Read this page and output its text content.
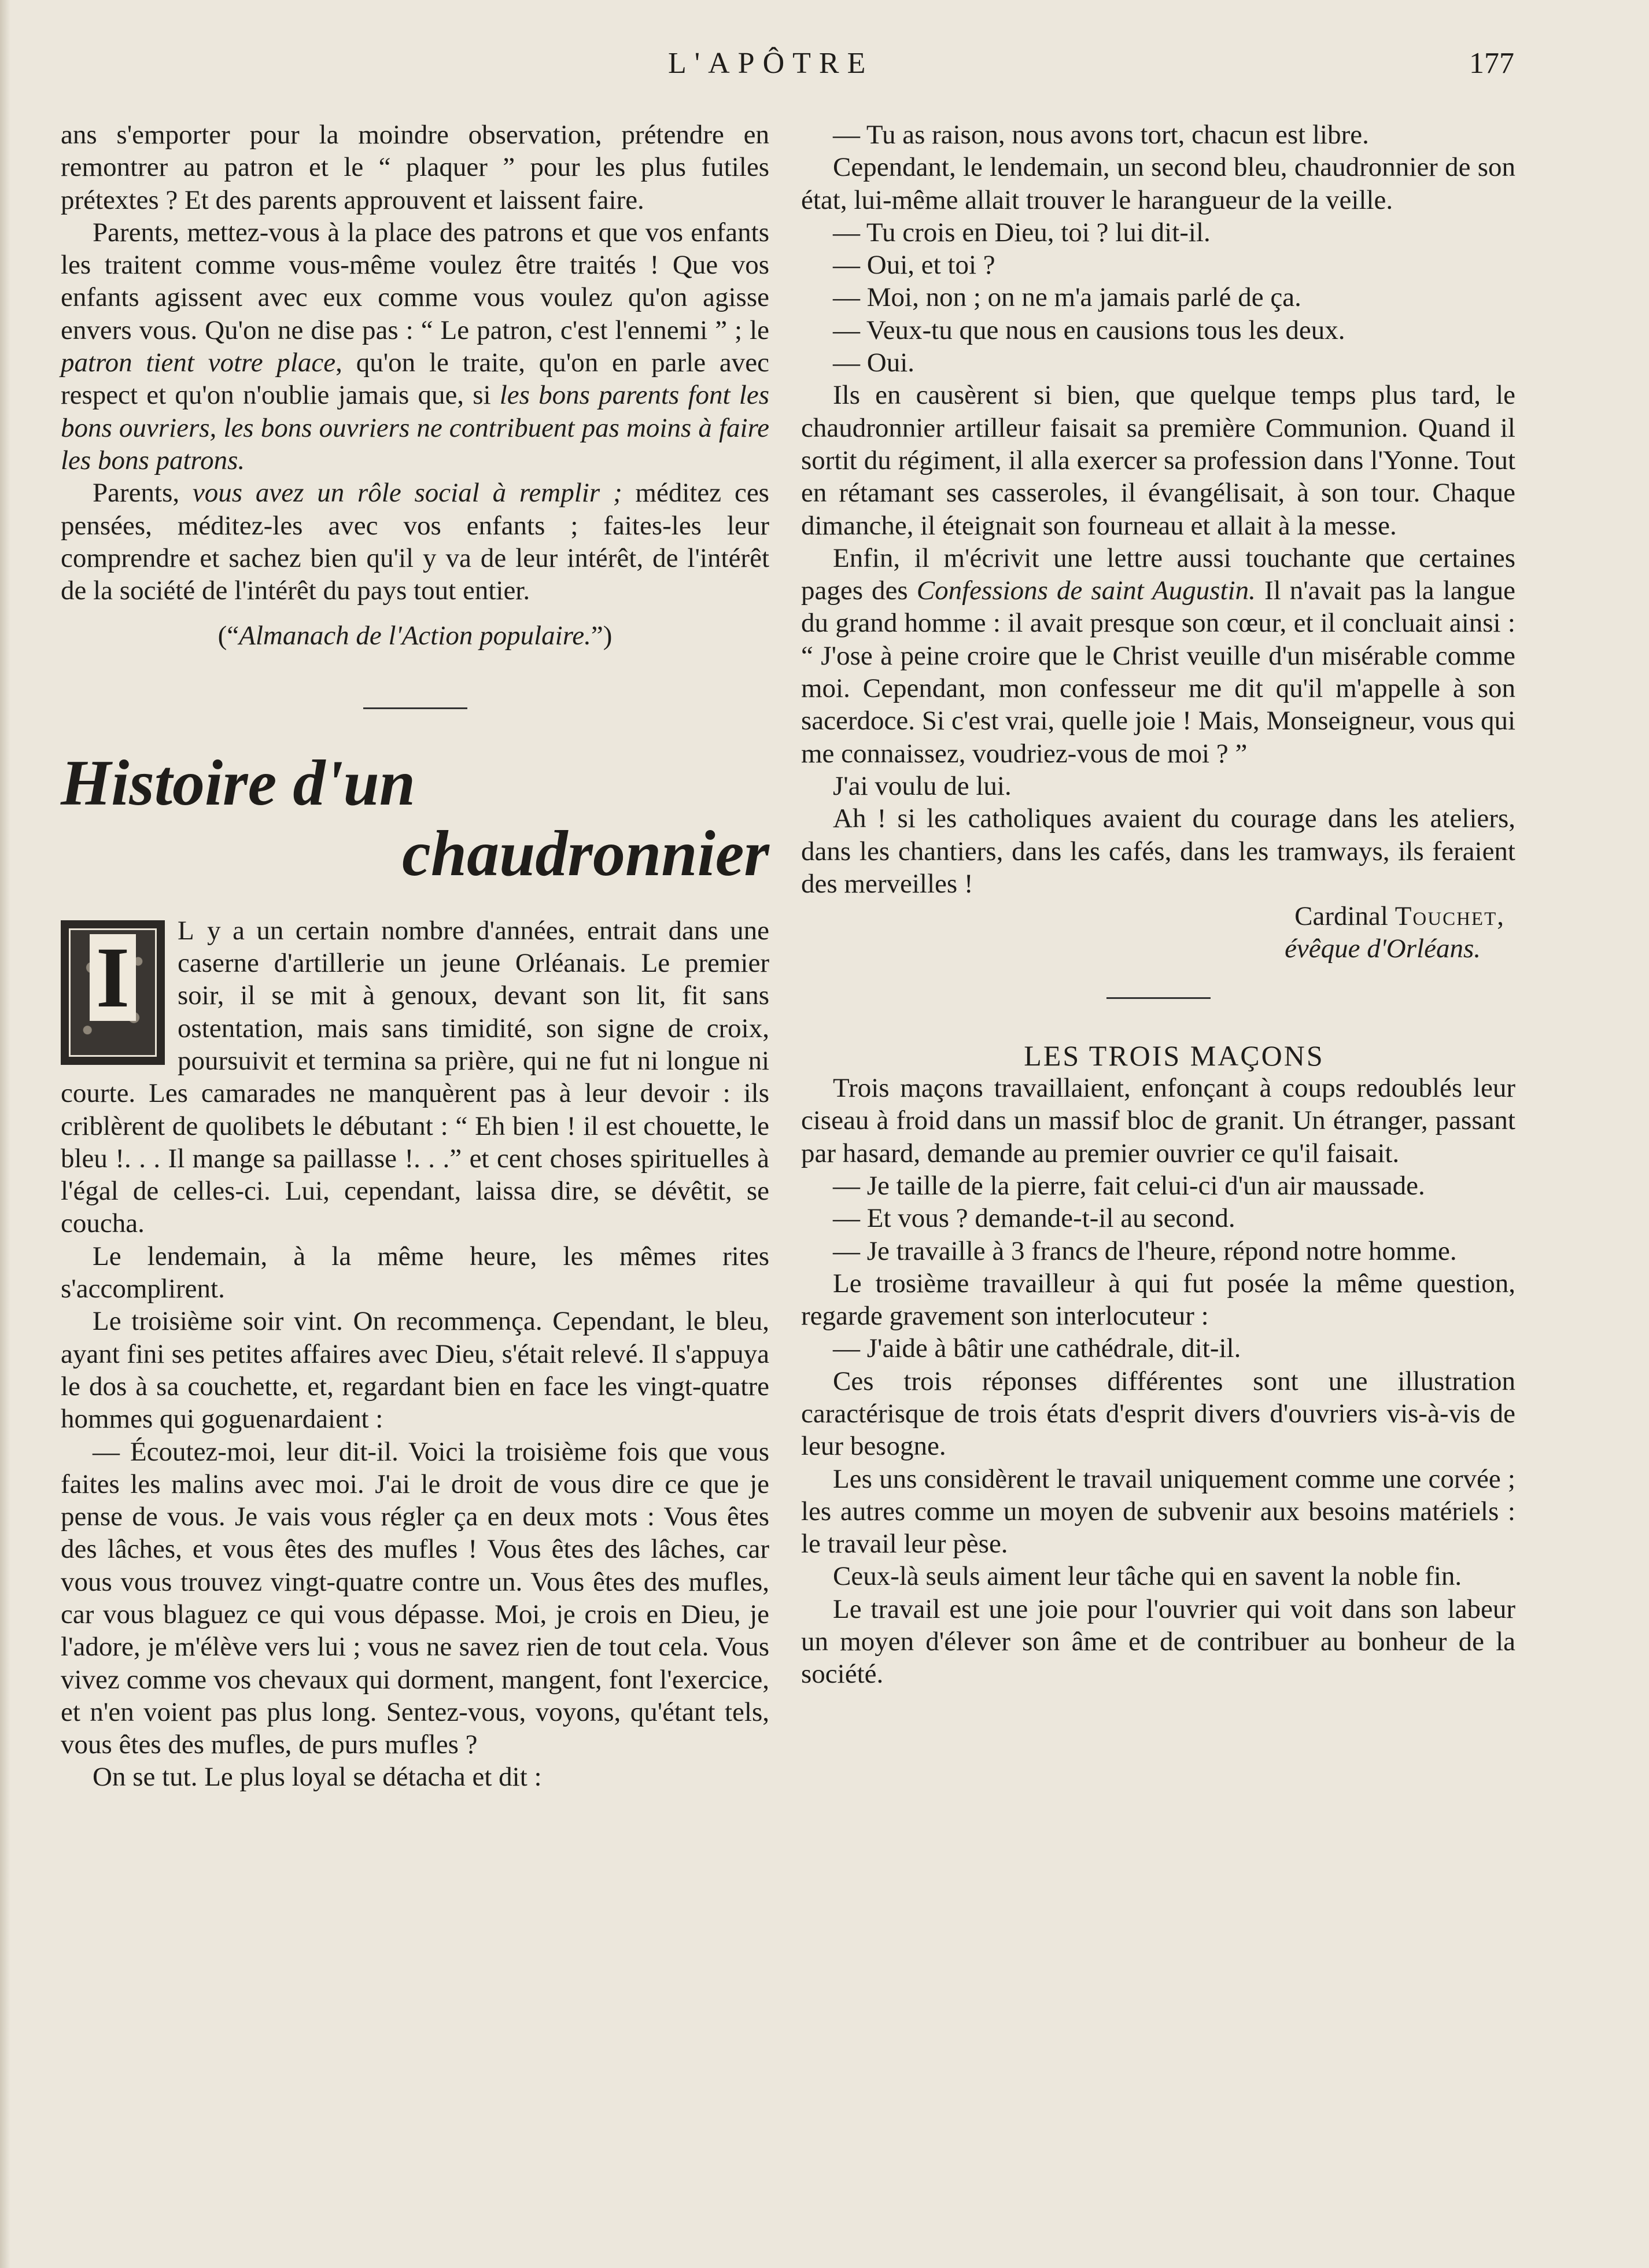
L'APÔTRE	177

ans s'emporter pour la moindre observation, prétendre en remontrer au patron et le “ plaquer ” pour les plus futiles prétextes ? Et des parents approuvent et laissent faire.

Parents, mettez-vous à la place des patrons et que vos enfants les traitent comme vous-même voulez être traités ! Que vos enfants agissent avec eux comme vous voulez qu'on agisse envers vous. Qu'on ne dise pas : “ Le patron, c'est l'ennemi ” ; le patron tient votre place, qu'on le traite, qu'on en parle avec respect et qu'on n'oublie jamais que, si les bons parents font les bons ouvriers, les bons ouvriers ne contribuent pas moins à faire les bons patrons.

Parents, vous avez un rôle social à remplir ; méditez ces pensées, méditez-les avec vos enfants ; faites-les leur comprendre et sachez bien qu'il y va de leur intérêt, de l'intérêt de la société de l'intérêt du pays tout entier.

(“Almanach de l'Action populaire.”)

Histoire d'un
chaudronnier
I	L y a un certain nombre d'années, entrait dans une caserne d'artillerie un jeune Orléanais. Le premier soir, il se mit à genoux, devant son lit, fit sans ostentation, mais sans timidité, son signe de croix, poursuivit et termina sa prière, qui ne fut ni longue ni courte. Les camarades ne manquèrent pas à leur devoir : ils criblèrent de quolibets le débutant : “ Eh bien ! il est chouette, le bleu !. . . Il mange sa paillasse !. . .” et cent choses spirituelles à l'égal de celles-ci. Lui, cependant, laissa dire, se dévêtit, se coucha.

Le lendemain, à la même heure, les mêmes rites s'accomplirent.

Le troisième soir vint. On recommença. Cependant, le bleu, ayant fini ses petites affaires avec Dieu, s'était relevé. Il s'appuya le dos à sa couchette, et, regardant bien en face les vingt-quatre hommes qui goguenardaient :

— Écoutez-moi, leur dit-il. Voici la troisième fois que vous faites les malins avec moi. J'ai le droit de vous dire ce que je pense de vous. Je vais vous régler ça en deux mots : Vous êtes des lâches, et vous êtes des mufles ! Vous êtes des lâches, car vous vous trouvez vingt-quatre contre un. Vous êtes des mufles, car vous blaguez ce qui vous dépasse. Moi, je crois en Dieu, je l'adore, je m'élève vers lui ; vous ne savez rien de tout cela. Vous vivez comme vos chevaux qui dorment, mangent, font l'exercice, et n'en voient pas plus long. Sentez-vous, voyons, qu'étant tels, vous êtes des mufles, de purs mufles ?

On se tut. Le plus loyal se détacha et dit :

— Tu as raison, nous avons tort, chacun est libre.

Cependant, le lendemain, un second bleu, chaudronnier de son état, lui-même allait trouver le harangueur de la veille.

— Tu crois en Dieu, toi ? lui dit-il.

— Oui, et toi ?

— Moi, non ; on ne m'a jamais parlé de ça.

— Veux-tu que nous en causions tous les deux.

— Oui.

Ils en causèrent si bien, que quelque temps plus tard, le chaudronnier artilleur faisait sa première Communion. Quand il sortit du régiment, il alla exercer sa profession dans l'Yonne. Tout en rétamant ses casseroles, il évangélisait, à son tour. Chaque dimanche, il éteignait son fourneau et allait à la messe.

Enfin, il m'écrivit une lettre aussi touchante que certaines pages des Confessions de saint Augustin. Il n'avait pas la langue du grand homme : il avait presque son cœur, et il concluait ainsi : “ J'ose à peine croire que le Christ veuille d'un misérable comme moi. Cependant, mon confesseur me dit qu'il m'appelle à son sacerdoce. Si c'est vrai, quelle joie ! Mais, Monseigneur, vous qui me connaissez, voudriez-vous de moi ? ”

J'ai voulu de lui.

Ah ! si les catholiques avaient du courage dans les ateliers, dans les chantiers, dans les cafés, dans les tramways, ils feraient des merveilles !

Cardinal Touchet,

évêque d'Orléans.

LES TROIS MAÇONS

Trois maçons travaillaient, enfonçant à coups redoublés leur ciseau à froid dans un massif bloc de granit. Un étranger, passant par hasard, demande au premier ouvrier ce qu'il faisait.

— Je taille de la pierre, fait celui-ci d'un air maussade.

— Et vous ? demande-t-il au second.

— Je travaille à 3 francs de l'heure, répond notre homme.

Le trosième travailleur à qui fut posée la même question, regarde gravement son interlocuteur :

— J'aide à bâtir une cathédrale, dit-il.

Ces trois réponses différentes sont une illustration caractérisque de trois états d'esprit divers d'ouvriers vis-à-vis de leur besogne.

Les uns considèrent le travail uniquement comme une corvée ; les autres comme un moyen de subvenir aux besoins matériels : le travail leur pèse.

Ceux-là seuls aiment leur tâche qui en savent la noble fin.

Le travail est une joie pour l'ouvrier qui voit dans son labeur un moyen d'élever son âme et de contribuer au bonheur de la société.
